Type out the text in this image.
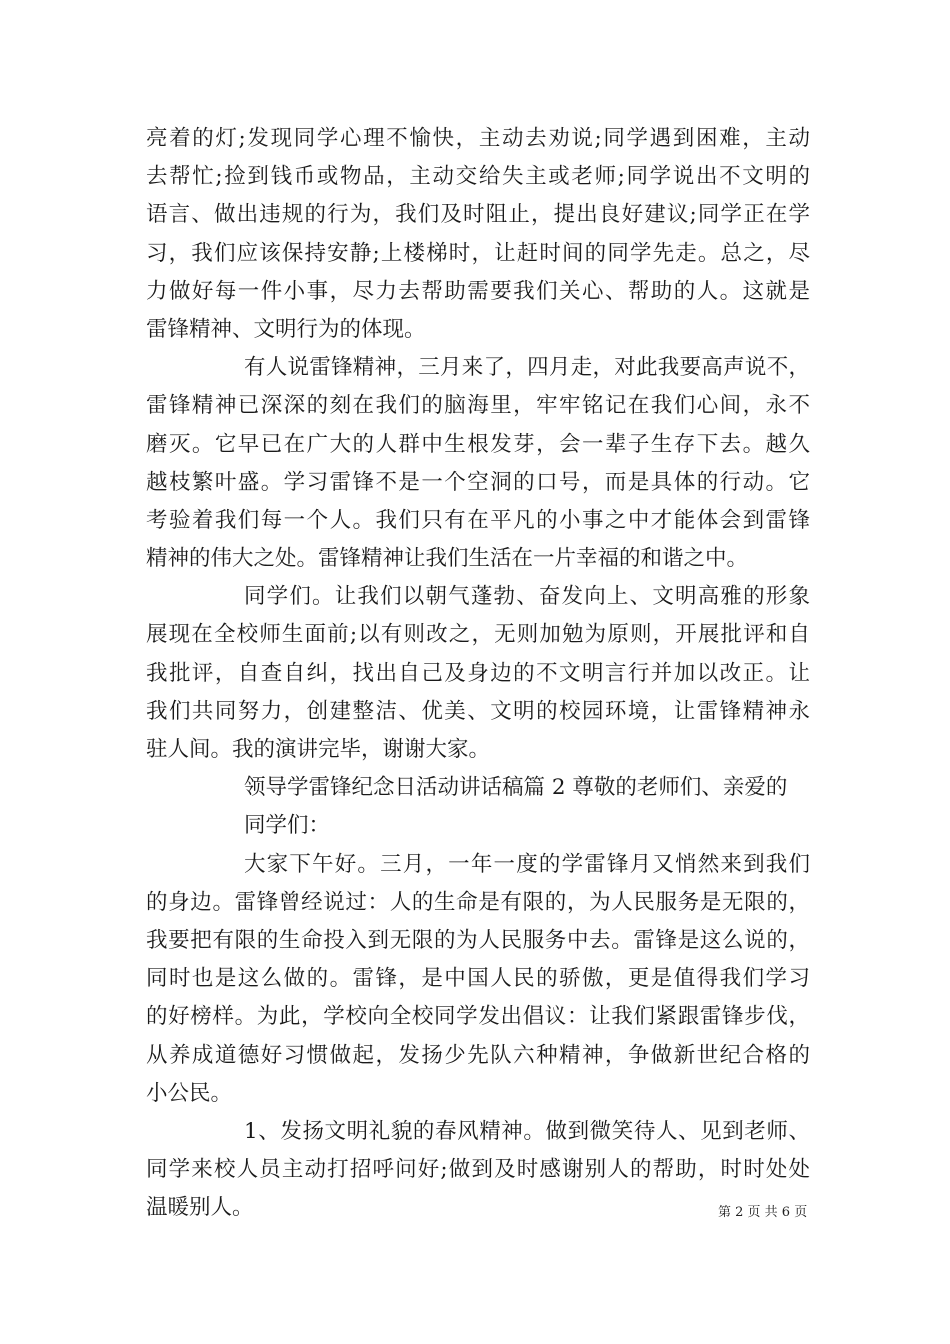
亮着的灯;发现同学心理不愉快，主动去劝说;同学遇到困难，主动
去帮忙;捡到钱币或物品，主动交给失主或老师;同学说出不文明的
语言、做出违规的行为，我们及时阻止，提出良好建议;同学正在学
习，我们应该保持安静;上楼梯时，让赶时间的同学先走。总之，尽
力做好每一件小事，尽力去帮助需要我们关心、帮助的人。这就是
雷锋精神、文明行为的体现。
有人说雷锋精神，三月来了，四月走，对此我要高声说不，
雷锋精神已深深的刻在我们的脑海里，牢牢铭记在我们心间，永不
磨灭。它早已在广大的人群中生根发芽，会一辈子生存下去。越久
越枝繁叶盛。学习雷锋不是一个空洞的口号，而是具体的行动。它
考验着我们每一个人。我们只有在平凡的小事之中才能体会到雷锋
精神的伟大之处。雷锋精神让我们生活在一片幸福的和谐之中。
同学们。让我们以朝气蓬勃、奋发向上、文明高雅的形象
展现在全校师生面前;以有则改之，无则加勉为原则，开展批评和自
我批评，自查自纠，找出自己及身边的不文明言行并加以改正。让
我们共同努力，创建整洁、优美、文明的校园环境，让雷锋精神永
驻人间。我的演讲完毕，谢谢大家。
领导学雷锋纪念日活动讲话稿篇 2 尊敬的老师们、亲爱的
同学们：
大家下午好。三月，一年一度的学雷锋月又悄然来到我们
的身边。雷锋曾经说过：人的生命是有限的，为人民服务是无限的，
我要把有限的生命投入到无限的为人民服务中去。雷锋是这么说的，
同时也是这么做的。雷锋，是中国人民的骄傲，更是值得我们学习
的好榜样。为此，学校向全校同学发出倡议：让我们紧跟雷锋步伐，
从养成道德好习惯做起，发扬少先队六种精神，争做新世纪合格的
小公民。
1、发扬文明礼貌的春风精神。做到微笑待人、见到老师、
同学来校人员主动打招呼问好;做到及时感谢别人的帮助，时时处处
温暖别人。	第 2 页 共 6 页
